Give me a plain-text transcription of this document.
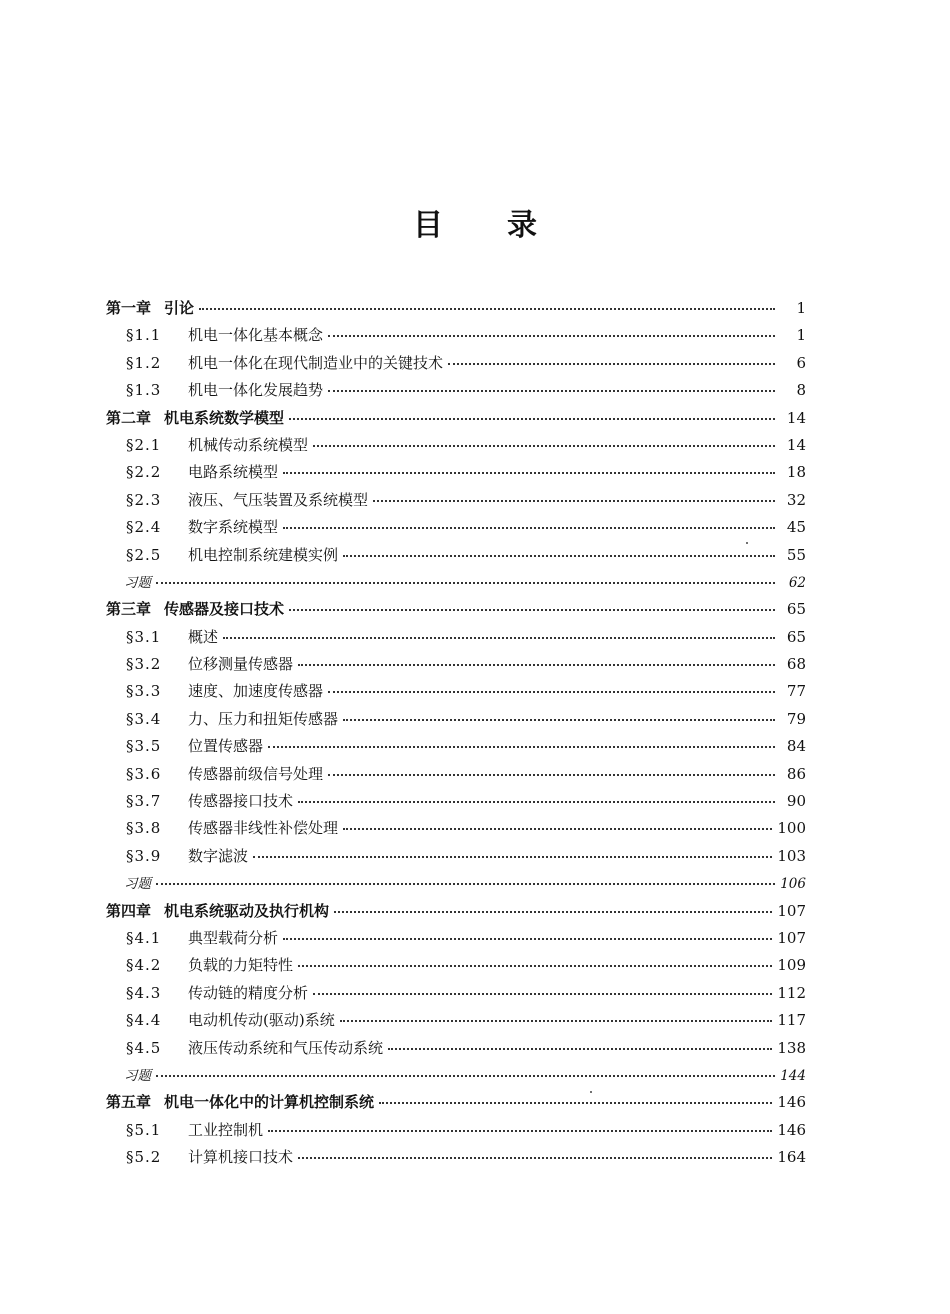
目 录
第一章 引论	1
§1.1	机电一体化基本概念	1
§1.2	机电一体化在现代制造业中的关键技术	6
§1.3	机电一体化发展趋势	8
第二章 机电系统数学模型	14
§2.1	机械传动系统模型	14
§2.2	电路系统模型	18
§2.3	液压、气压装置及系统模型	32
§2.4	数字系统模型	45
§2.5	机电控制系统建模实例	55
习题	62
第三章 传感器及接口技术	65
§3.1	概述	65
§3.2	位移测量传感器	68
§3.3	速度、加速度传感器	77
§3.4	力、压力和扭矩传感器	79
§3.5	位置传感器	84
§3.6	传感器前级信号处理	86
§3.7	传感器接口技术	90
§3.8	传感器非线性补偿处理	100
§3.9	数字滤波	103
习题	106
第四章 机电系统驱动及执行机构	107
§4.1	典型载荷分析	107
§4.2	负载的力矩特性	109
§4.3	传动链的精度分析	112
§4.4	电动机传动(驱动)系统	117
§4.5	液压传动系统和气压传动系统	138
习题	144
第五章 机电一体化中的计算机控制系统	146
§5.1	工业控制机	146
§5.2	计算机接口技术	164
